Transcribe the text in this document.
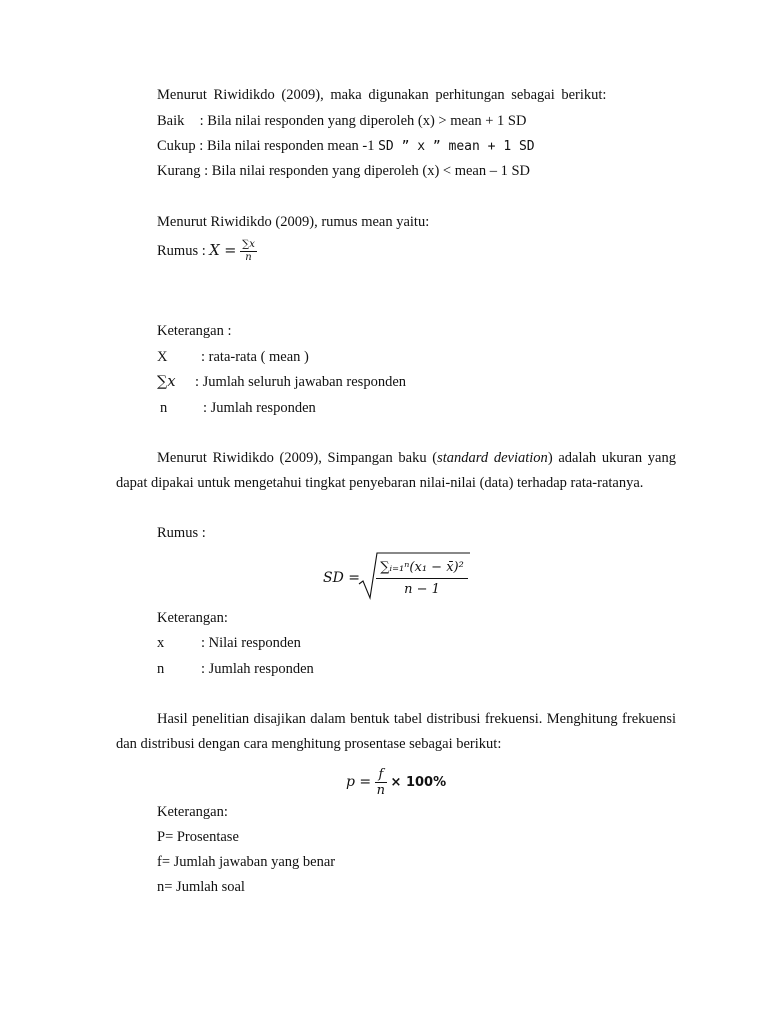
Menurut Riwidikdo (2009), maka digunakan perhitungan sebagai berikut:
Baik : Bila nilai responden yang diperoleh (x) > mean + 1 SD
Cukup : Bila nilai responden mean -1 SD ” x ” mean + 1 SD
Kurang : Bila nilai responden yang diperoleh (x) < mean – 1 SD
Menurut Riwidikdo (2009), rumus mean yaitu:
Rumus : $X = \frac{\sum x}{n}$
Keterangan :
X : rata-rata ( mean )
∑x : Jumlah seluruh jawaban responden
n : Jumlah responden
Menurut Riwidikdo (2009), Simpangan baku (standard deviation) adalah ukuran yang dapat dipakai untuk mengetahui tingkat penyebaran nilai-nilai (data) terhadap rata-ratanya.
Rumus :
SD =
∑ᵢ₌₁ⁿ(x₁ − x̄)²
n − 1
Keterangan:
x	: Nilai responden
n	: Jumlah responden
Hasil penelitian disajikan dalam bentuk tabel distribusi frekuensi. Menghitung frekuensi dan distribusi dengan cara menghitung prosentase sebagai berikut:
$p = \frac{f}{n} \times 100\%$
Keterangan:
P= Prosentase
f= Jumlah jawaban yang benar
n= Jumlah soal
